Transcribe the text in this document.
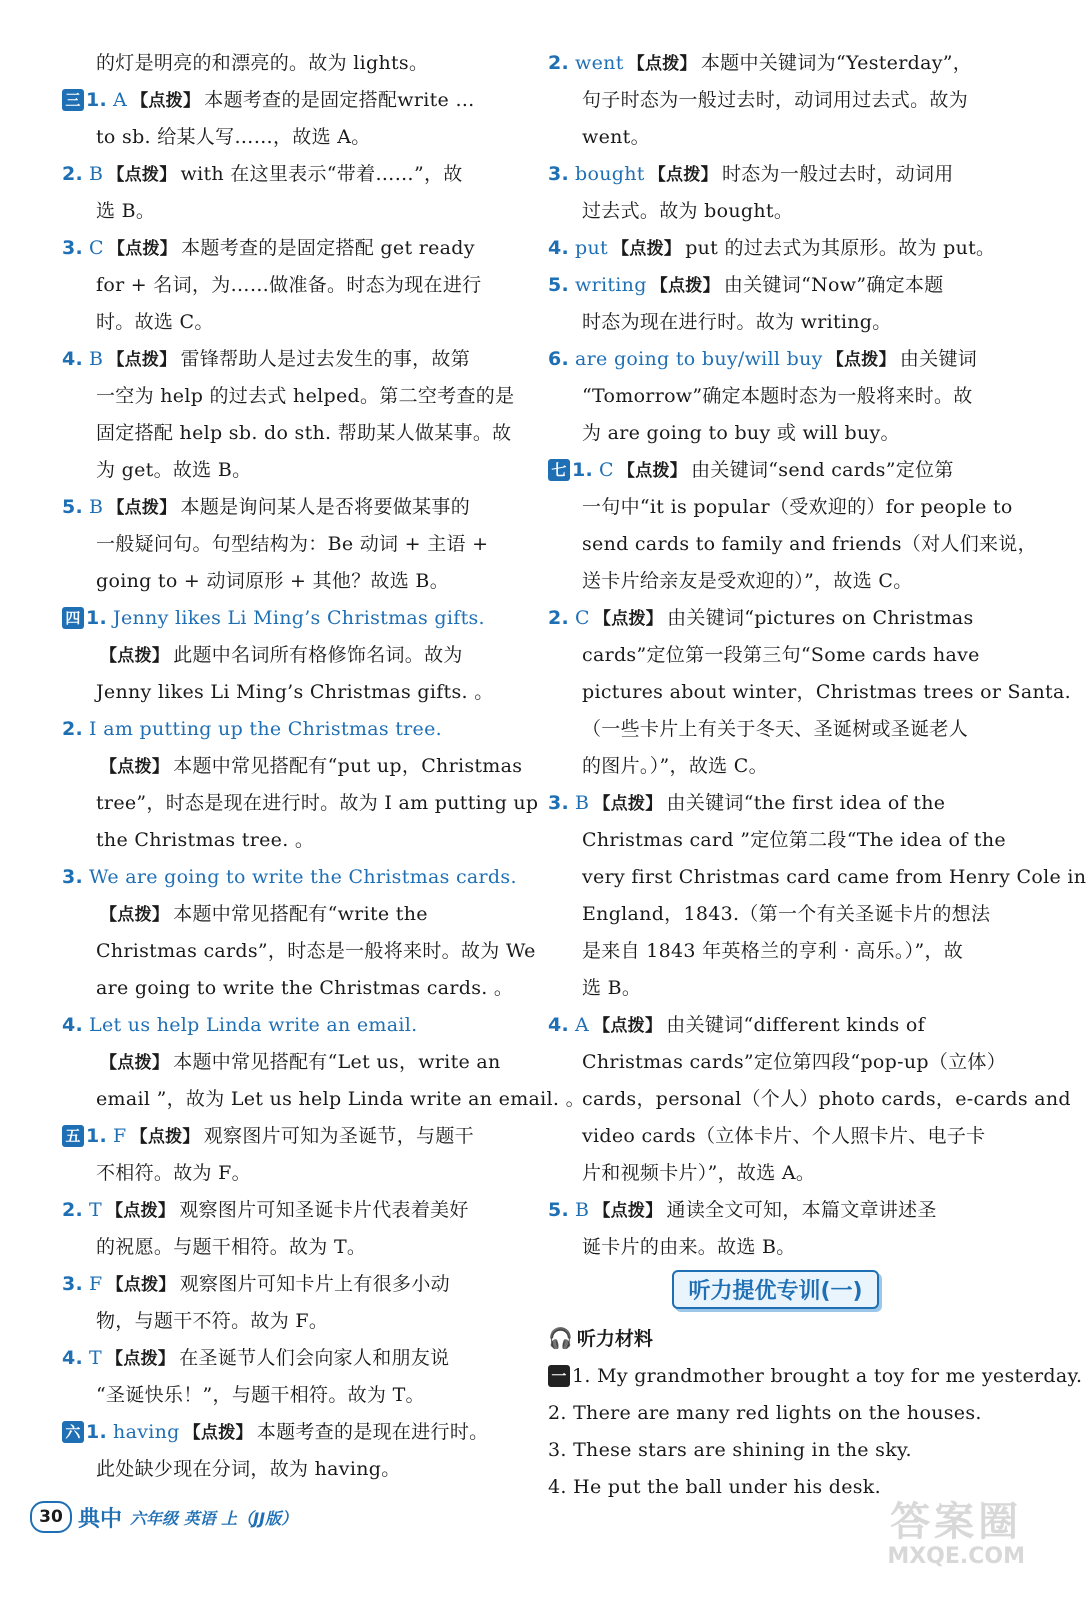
的灯是明亮的和漂亮的。故为 lights。
三 1. A 【点拨】 本题考查的是固定搭配write …
to sb. 给某人写……，故选 A。
2. B 【点拨】 with 在这里表示“带着……”，故
选 B。
3. C 【点拨】 本题考查的是固定搭配 get ready
for + 名词，为……做准备。时态为现在进行
时。故选 C。
4. B 【点拨】 雷锋帮助人是过去发生的事，故第
一空为 help 的过去式 helped。第二空考查的是
固定搭配 help sb. do sth. 帮助某人做某事。故
为 get。故选 B。
5. B 【点拨】 本题是询问某人是否将要做某事的
一般疑问句。句型结构为：Be 动词 + 主语 +
going to + 动词原形 + 其他？故选 B。
四 1. Jenny likes Li Ming’s Christmas gifts.
【点拨】 此题中名词所有格修饰名词。故为
Jenny likes Li Ming’s Christmas gifts. 。
2. I am putting up the Christmas tree.
【点拨】 本题中常见搭配有“put up，Christmas
tree”，时态是现在进行时。故为 I am putting up
the Christmas tree. 。
3. We are going to write the Christmas cards.
【点拨】 本题中常见搭配有“write the
Christmas cards”，时态是一般将来时。故为 We
are going to write the Christmas cards. 。
4. Let us help Linda write an email.
【点拨】 本题中常见搭配有“Let us，write an
email ”，故为 Let us help Linda write an email. 。
五 1. F 【点拨】 观察图片可知为圣诞节，与题干
不相符。故为 F。
2. T 【点拨】 观察图片可知圣诞卡片代表着美好
的祝愿。与题干相符。故为 T。
3. F 【点拨】 观察图片可知卡片上有很多小动
物，与题干不符。故为 F。
4. T 【点拨】 在圣诞节人们会向家人和朋友说
“圣诞快乐！”，与题干相符。故为 T。
六 1. having 【点拨】 本题考查的是现在进行时。
此处缺少现在分词，故为 having。
2. went 【点拨】 本题中关键词为“Yesterday”，
句子时态为一般过去时，动词用过去式。故为
went。
3. bought 【点拨】 时态为一般过去时，动词用
过去式。故为 bought。
4. put 【点拨】 put 的过去式为其原形。故为 put。
5. writing 【点拨】 由关键词“Now”确定本题
时态为现在进行时。故为 writing。
6. are going to buy/will buy 【点拨】 由关键词
“Tomorrow”确定本题时态为一般将来时。故
为 are going to buy 或 will buy。
七 1. C 【点拨】 由关键词“send cards”定位第
一句中“it is popular（受欢迎的）for people to
send cards to family and friends（对人们来说，
送卡片给亲友是受欢迎的）”，故选 C。
2. C 【点拨】 由关键词“pictures on Christmas
cards”定位第一段第三句“Some cards have
pictures about winter，Christmas trees or Santa.
（一些卡片上有关于冬天、圣诞树或圣诞老人
的图片。）”，故选 C。
3. B 【点拨】 由关键词“the first idea of the
Christmas card ”定位第二段“The idea of the
very first Christmas card came from Henry Cole in
England，1843.（第一个有关圣诞卡片的想法
是来自 1843 年英格兰的亨利 · 高乐。）”，故
选 B。
4. A 【点拨】 由关键词“different kinds of
Christmas cards”定位第四段“pop-up（立体）
cards，personal（个人）photo cards，e-cards and
video cards（立体卡片、个人照卡片、电子卡
片和视频卡片）”，故选 A。
5. B 【点拨】 通读全文可知，本篇文章讲述圣
诞卡片的由来。故选 B。
听力提优专训(一)
🎧 听力材料
一 1. My grandmother brought a toy for me yesterday.
2. There are many red lights on the houses.
3. These stars are shining in the sky.
4. He put the ball under his desk.
30 典中 六年级 英语 上（JJ版）	答案圈
MXQE.COM
